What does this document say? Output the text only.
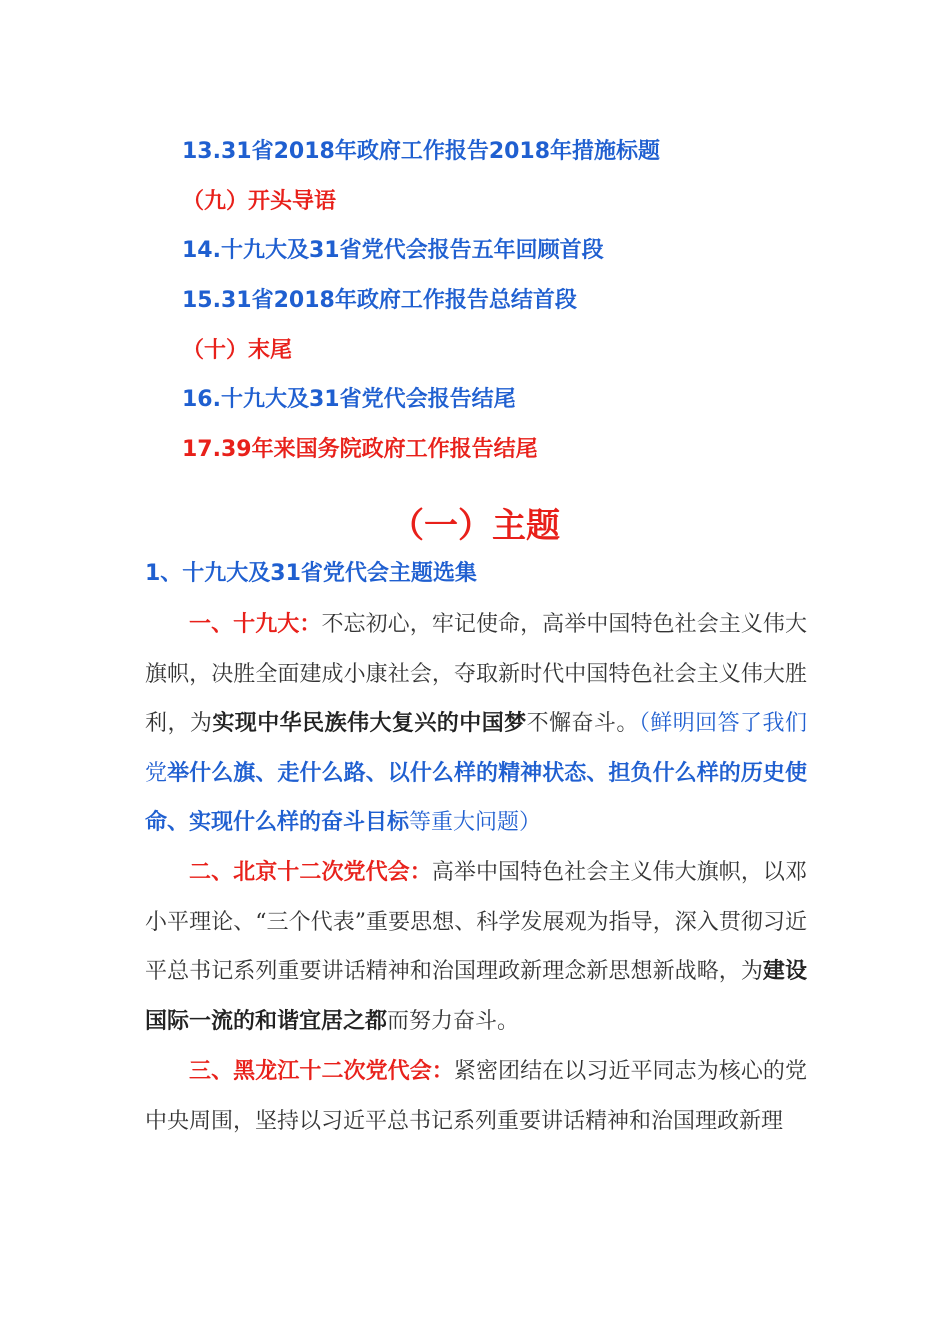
13.31省2018年政府工作报告2018年措施标题
（九）开头导语
14.十九大及31省党代会报告五年回顾首段
15.31省2018年政府工作报告总结首段
（十）末尾
16.十九大及31省党代会报告结尾
17.39年来国务院政府工作报告结尾
（一）主题
1、十九大及31省党代会主题选集
一、十九大：不忘初心，牢记使命，高举中国特色社会主义伟大旗帜，决胜全面建成小康社会，夺取新时代中国特色社会主义伟大胜利，为实现中华民族伟大复兴的中国梦不懈奋斗。（鲜明回答了我们党举什么旗、走什么路、以什么样的精神状态、担负什么样的历史使命、实现什么样的奋斗目标等重大问题）
二、北京十二次党代会：高举中国特色社会主义伟大旗帜，以邓小平理论、“三个代表”重要思想、科学发展观为指导，深入贯彻习近平总书记系列重要讲话精神和治国理政新理念新思想新战略，为建设国际一流的和谐宜居之都而努力奋斗。
三、黑龙江十二次党代会：紧密团结在以习近平同志为核心的党中央周围，坚持以习近平总书记系列重要讲话精神和治国理政新理
